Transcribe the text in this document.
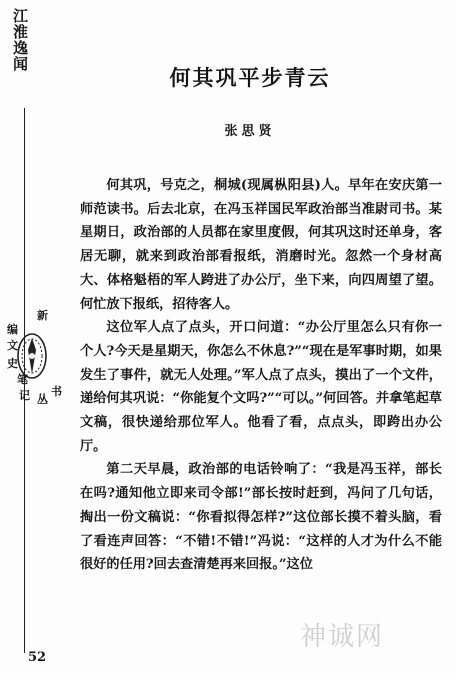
江淮逸闻
新
编
文
史
笔
记 丛
书
52
何其巩平步青云
张思贤

何其巩，号克之，桐城(现属枞阳县)人。早年在安庆第一师范读书。后去北京，在冯玉祥国民军政治部当准尉司书。某星期日，政治部的人员都在家里度假，何其巩这时还单身，客居无聊，就来到政治部看报纸，消磨时光。忽然一个身材高大、体格魁梧的军人跨进了办公厅，坐下来，向四周望了望。何忙放下报纸，招待客人。

这位军人点了点头，开口问道：“办公厅里怎么只有你一个人?今天是星期天，你怎么不休息?”“现在是军事时期，如果发生了事件，就无人处理。”军人点了点头，摸出了一个文件，递给何其巩说：“你能复个文吗?”“可以。”何回答。并拿笔起草文稿，很快递给那位军人。他看了看，点点头，即跨出办公厅。

第二天早晨，政治部的电话铃响了：“我是冯玉祥，部长在吗?通知他立即来司令部!”部长按时赶到，冯问了几句话，掏出一份文稿说：“你看拟得怎样?”这位部长摸不着头脑，看了看连声回答：“不错!不错!”冯说：“这样的人才为什么不能很好的任用?回去查清楚再来回报。”这位

神诚网
